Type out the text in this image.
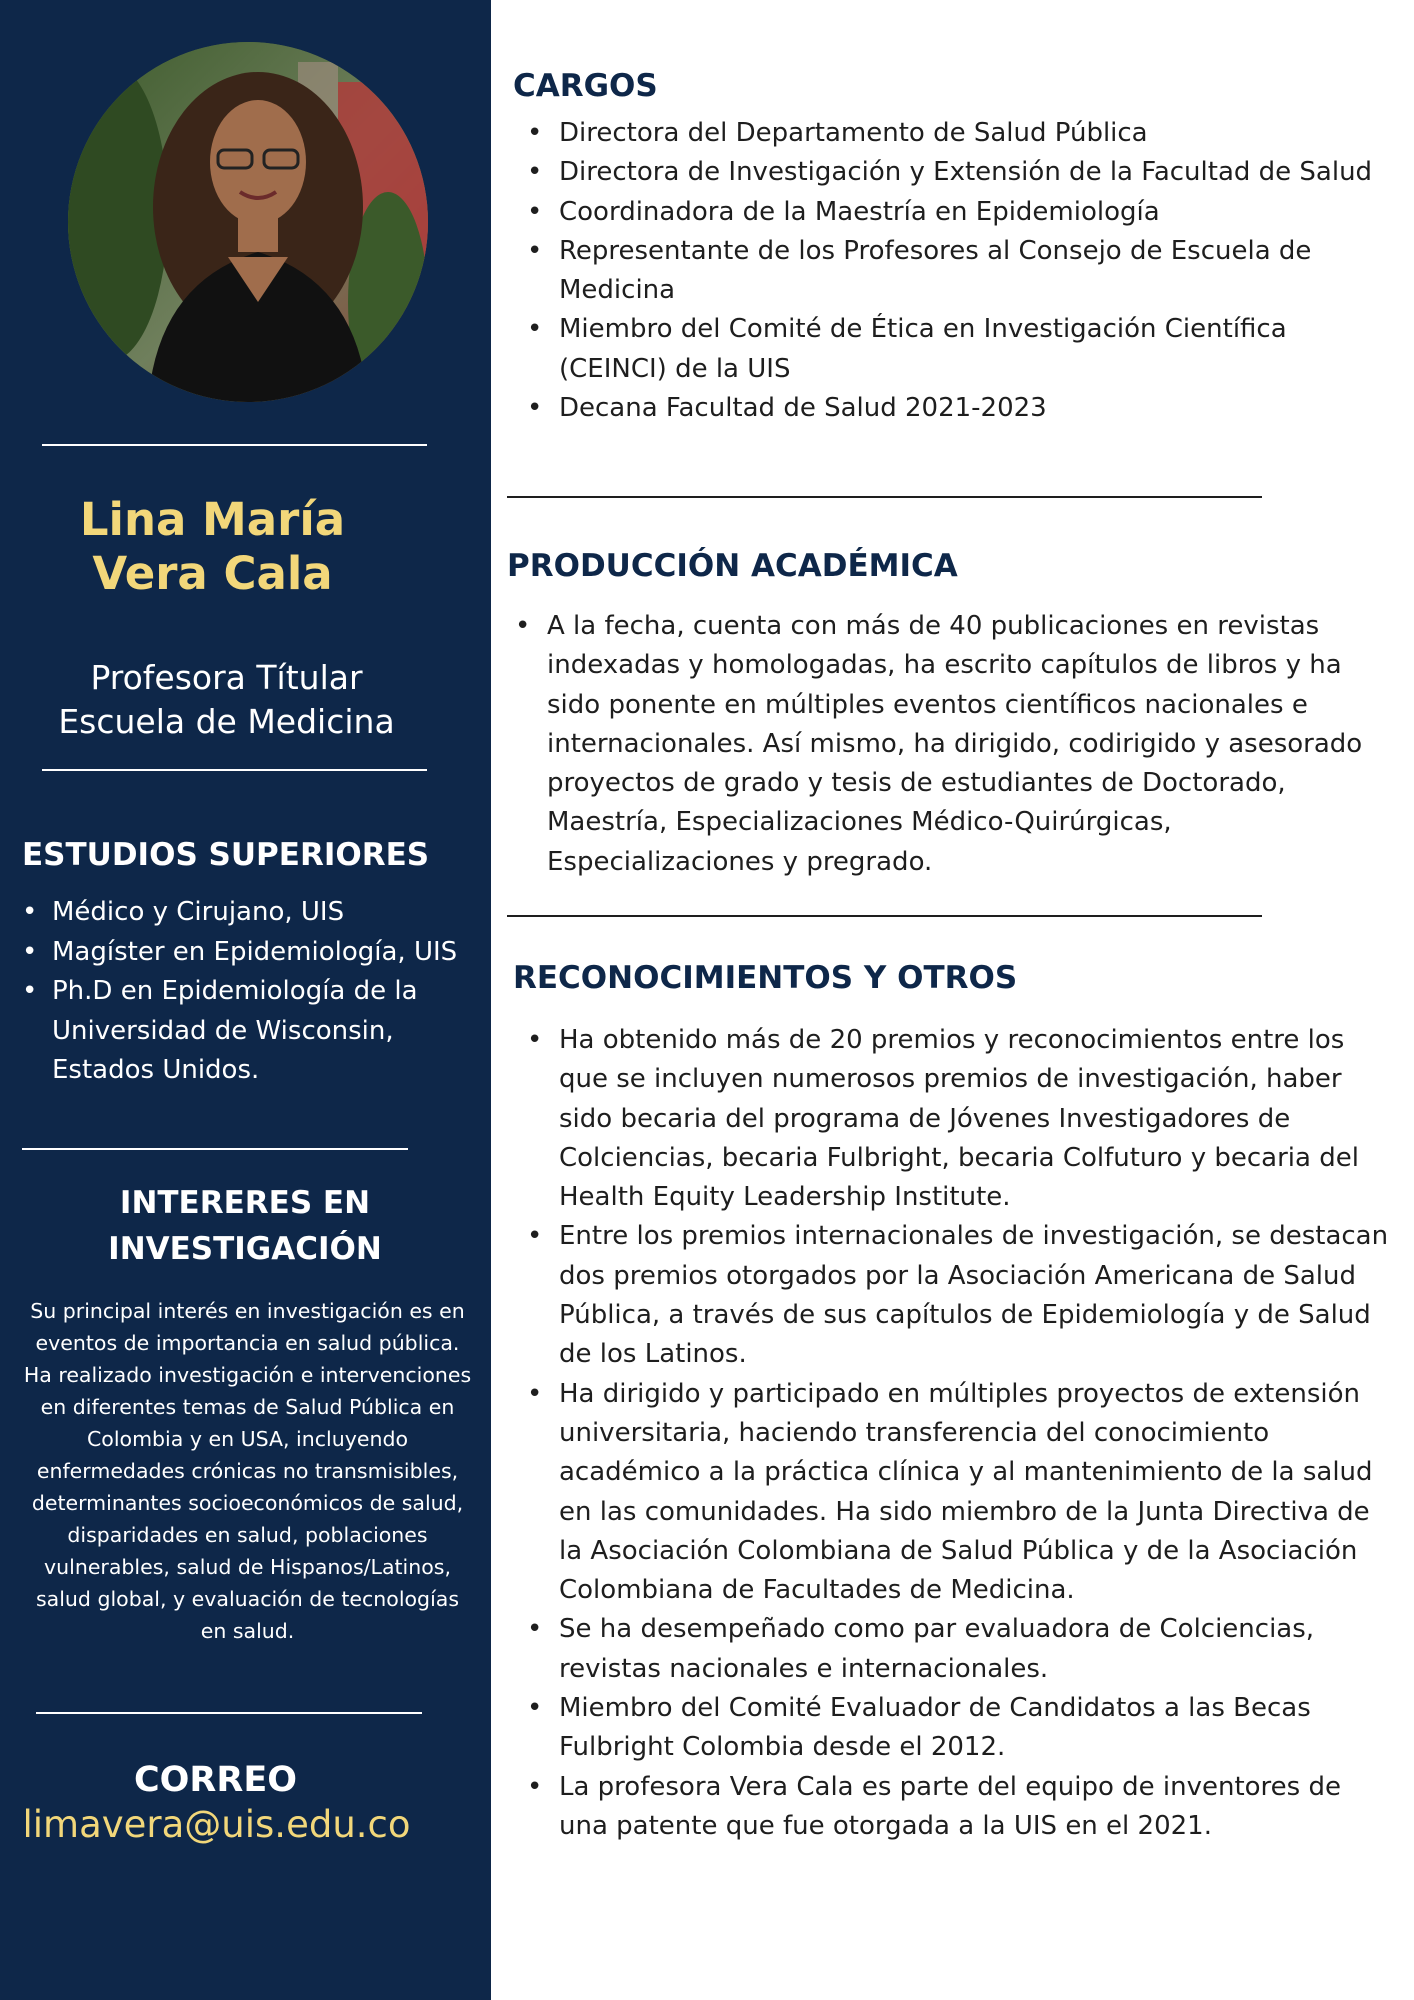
Lina María
Vera Cala
Profesora Títular
Escuela de Medicina
ESTUDIOS SUPERIORES
• Médico y Cirujano, UIS
• Magíster en Epidemiología, UIS
• Ph.D en Epidemiología de la Universidad de Wisconsin, Estados Unidos.
INTERERES EN
INVESTIGACIÓN
Su principal interés en investigación es en eventos de importancia en salud pública. Ha realizado investigación e intervenciones en diferentes temas de Salud Pública en Colombia y en USA, incluyendo enfermedades crónicas no transmisibles, determinantes socioeconómicos de salud, disparidades en salud, poblaciones vulnerables, salud de Hispanos/Latinos, salud global, y evaluación de tecnologías en salud.
CORREO
limavera@uis.edu.co
CARGOS
• Directora del Departamento de Salud Pública
• Directora de Investigación y Extensión de la Facultad de Salud
• Coordinadora de la Maestría en Epidemiología
• Representante de los Profesores al Consejo de Escuela de Medicina
• Miembro del Comité de Ética en Investigación Científica (CEINCI) de la UIS
• Decana Facultad de Salud 2021-2023
PRODUCCIÓN ACADÉMICA
• A la fecha, cuenta con más de 40 publicaciones en revistas indexadas y homologadas, ha escrito capítulos de libros y ha sido ponente en múltiples eventos científicos nacionales e internacionales. Así mismo, ha dirigido, codirigido y asesorado proyectos de grado y tesis de estudiantes de Doctorado, Maestría, Especializaciones Médico-Quirúrgicas, Especializaciones y pregrado.
RECONOCIMIENTOS Y OTROS
• Ha obtenido más de 20 premios y reconocimientos entre los que se incluyen numerosos premios de investigación, haber sido becaria del programa de Jóvenes Investigadores de Colciencias, becaria Fulbright, becaria Colfuturo y becaria del Health Equity Leadership Institute.
• Entre los premios internacionales de investigación, se destacan dos premios otorgados por la Asociación Americana de Salud Pública, a través de sus capítulos de Epidemiología y de Salud de los Latinos.
• Ha dirigido y participado en múltiples proyectos de extensión universitaria, haciendo transferencia del conocimiento académico a la práctica clínica y al mantenimiento de la salud en las comunidades. Ha sido miembro de la Junta Directiva de la Asociación Colombiana de Salud Pública y de la Asociación Colombiana de Facultades de Medicina.
• Se ha desempeñado como par evaluadora de Colciencias, revistas nacionales e internacionales.
• Miembro del Comité Evaluador de Candidatos a las Becas Fulbright Colombia desde el 2012.
• La profesora Vera Cala es parte del equipo de inventores de una patente que fue otorgada a la UIS en el 2021.
